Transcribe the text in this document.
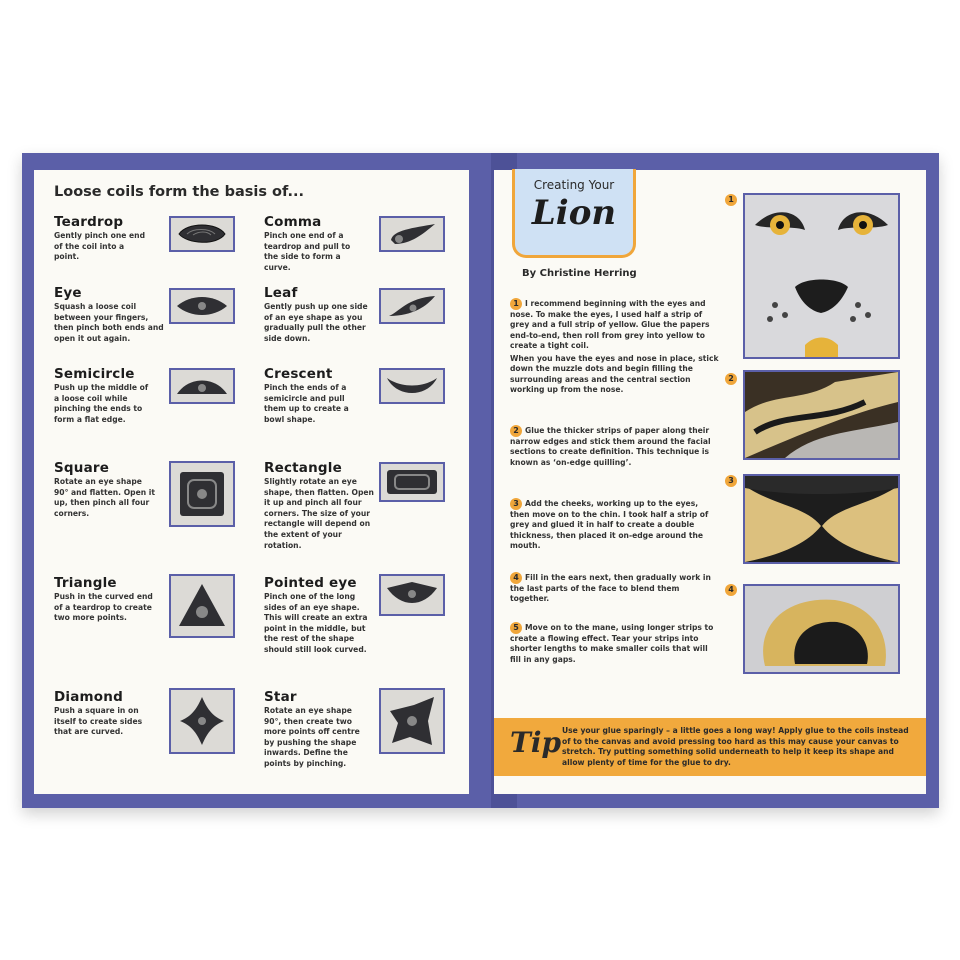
Loose coils form the basis of...
Teardrop

Gently pinch one end of the coil into a point.

Comma

Pinch one end of a teardrop and pull to the side to form a curve.

Eye

Squash a loose coil between your fingers, then pinch both ends and open it out again.

Leaf

Gently push up one side of an eye shape as you gradually pull the other side down.

Semicircle

Push up the middle of a loose coil while pinching the ends to form a flat edge.

Crescent

Pinch the ends of a semicircle and pull them up to create a bowl shape.

Square

Rotate an eye shape 90° and flatten. Open it up, then pinch all four corners.

Rectangle

Slightly rotate an eye shape, then flatten. Open it up and pinch all four corners. The size of your rectangle will depend on the extent of your rotation.

Triangle

Push in the curved end of a teardrop to create two more points.

Pointed eye

Pinch one of the long sides of an eye shape. This will create an extra point in the middle, but the rest of the shape should still look curved.

Diamond

Push a square in on itself to create sides that are curved.

Star

Rotate an eye shape 90°, then create two more points off centre by pushing the shape inwards. Define the points by pinching.

Creating Your
Lion

By Christine Herring

1 I recommend beginning with the eyes and nose. To make the eyes, I used half a strip of grey and a full strip of yellow. Glue the papers end-to-end, then roll from grey into yellow to create a tight coil.

When you have the eyes and nose in place, stick down the muzzle dots and begin filling the surrounding areas and the central section working up from the nose.

2 Glue the thicker strips of paper along their narrow edges and stick them around the facial sections to create definition. This technique is known as ‘on-edge quilling’.

3 Add the cheeks, working up to the eyes, then move on to the chin. I took half a strip of grey and glued it in half to create a double thickness, then placed it on-edge around the mouth.

4 Fill in the ears next, then gradually work in the last parts of the face to blend them together.

5 Move on to the mane, using longer strips to create a flowing effect. Tear your strips into shorter lengths to make smaller coils that will fill in any gaps.

1
2
3
4

Tip Use your glue sparingly – a little goes a long way! Apply glue to the coils instead of to the canvas and avoid pressing too hard as this may cause your canvas to stretch. Try putting something solid underneath to help it keep its shape and allow plenty of time for the glue to dry.
